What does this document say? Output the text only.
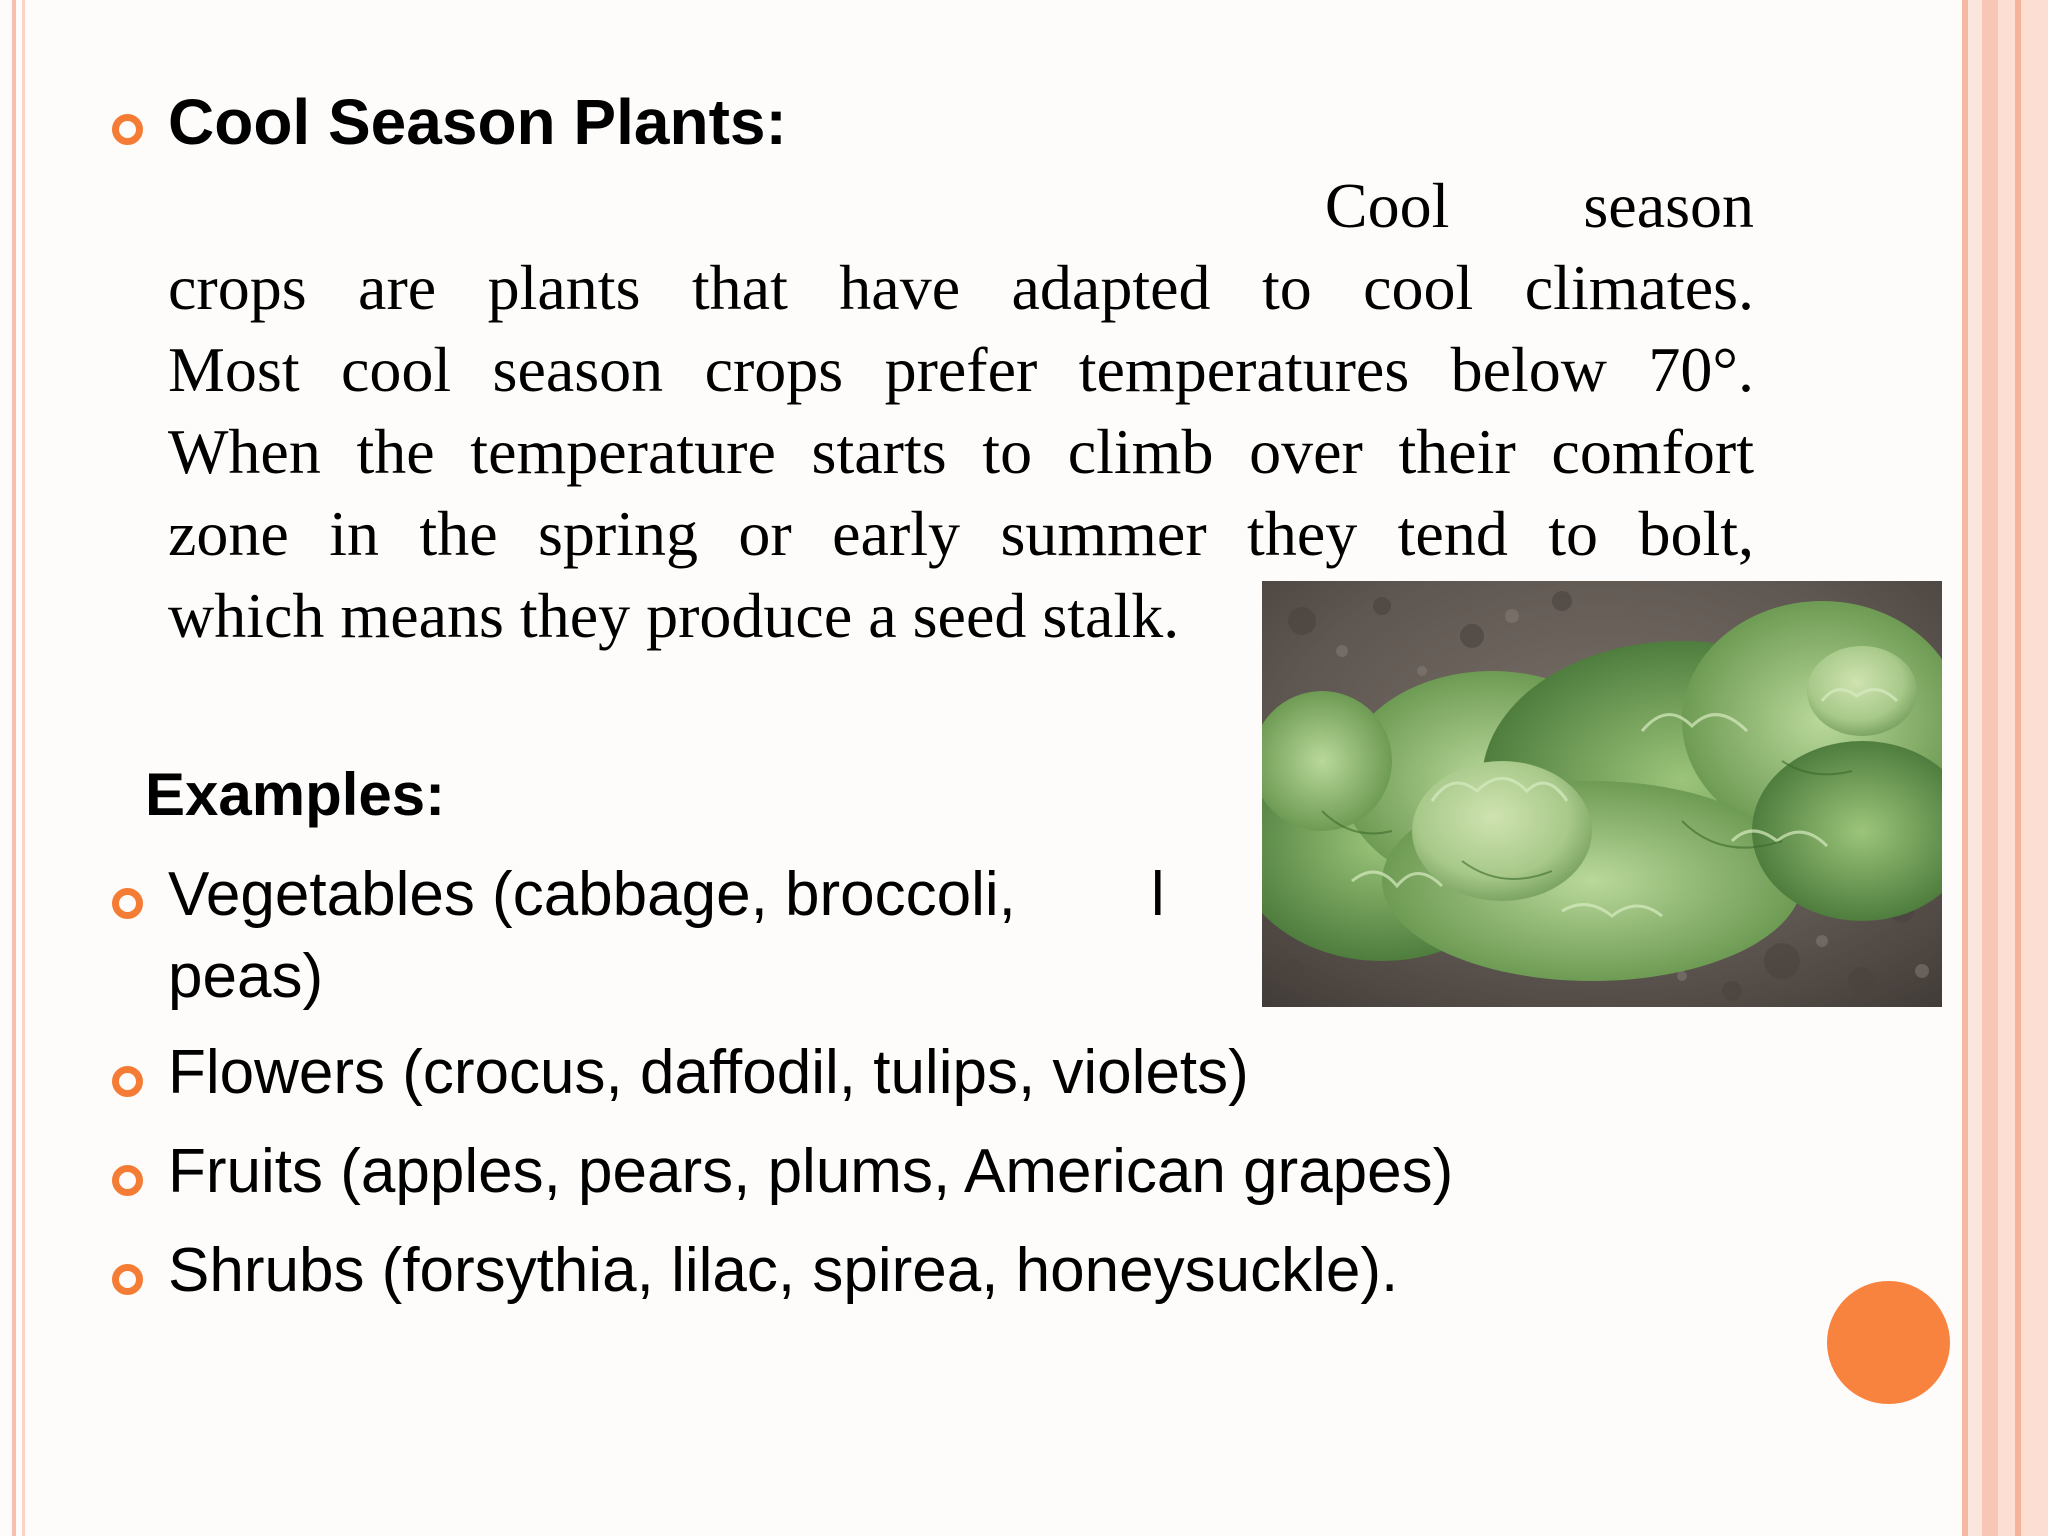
Cool Season Plants:
Cool season
crops are plants that have adapted to cool climates.
Most cool season crops prefer temperatures below 70°.
When the temperature starts to climb over their comfort
zone in the spring or early summer they tend to bolt,
which means they produce a seed stalk.
Examples:
Vegetables (cabbage, broccoli, l
peas)
Flowers (crocus, daffodil, tulips, violets)
Fruits (apples, pears, plums, American grapes)
Shrubs (forsythia, lilac, spirea, honeysuckle).
